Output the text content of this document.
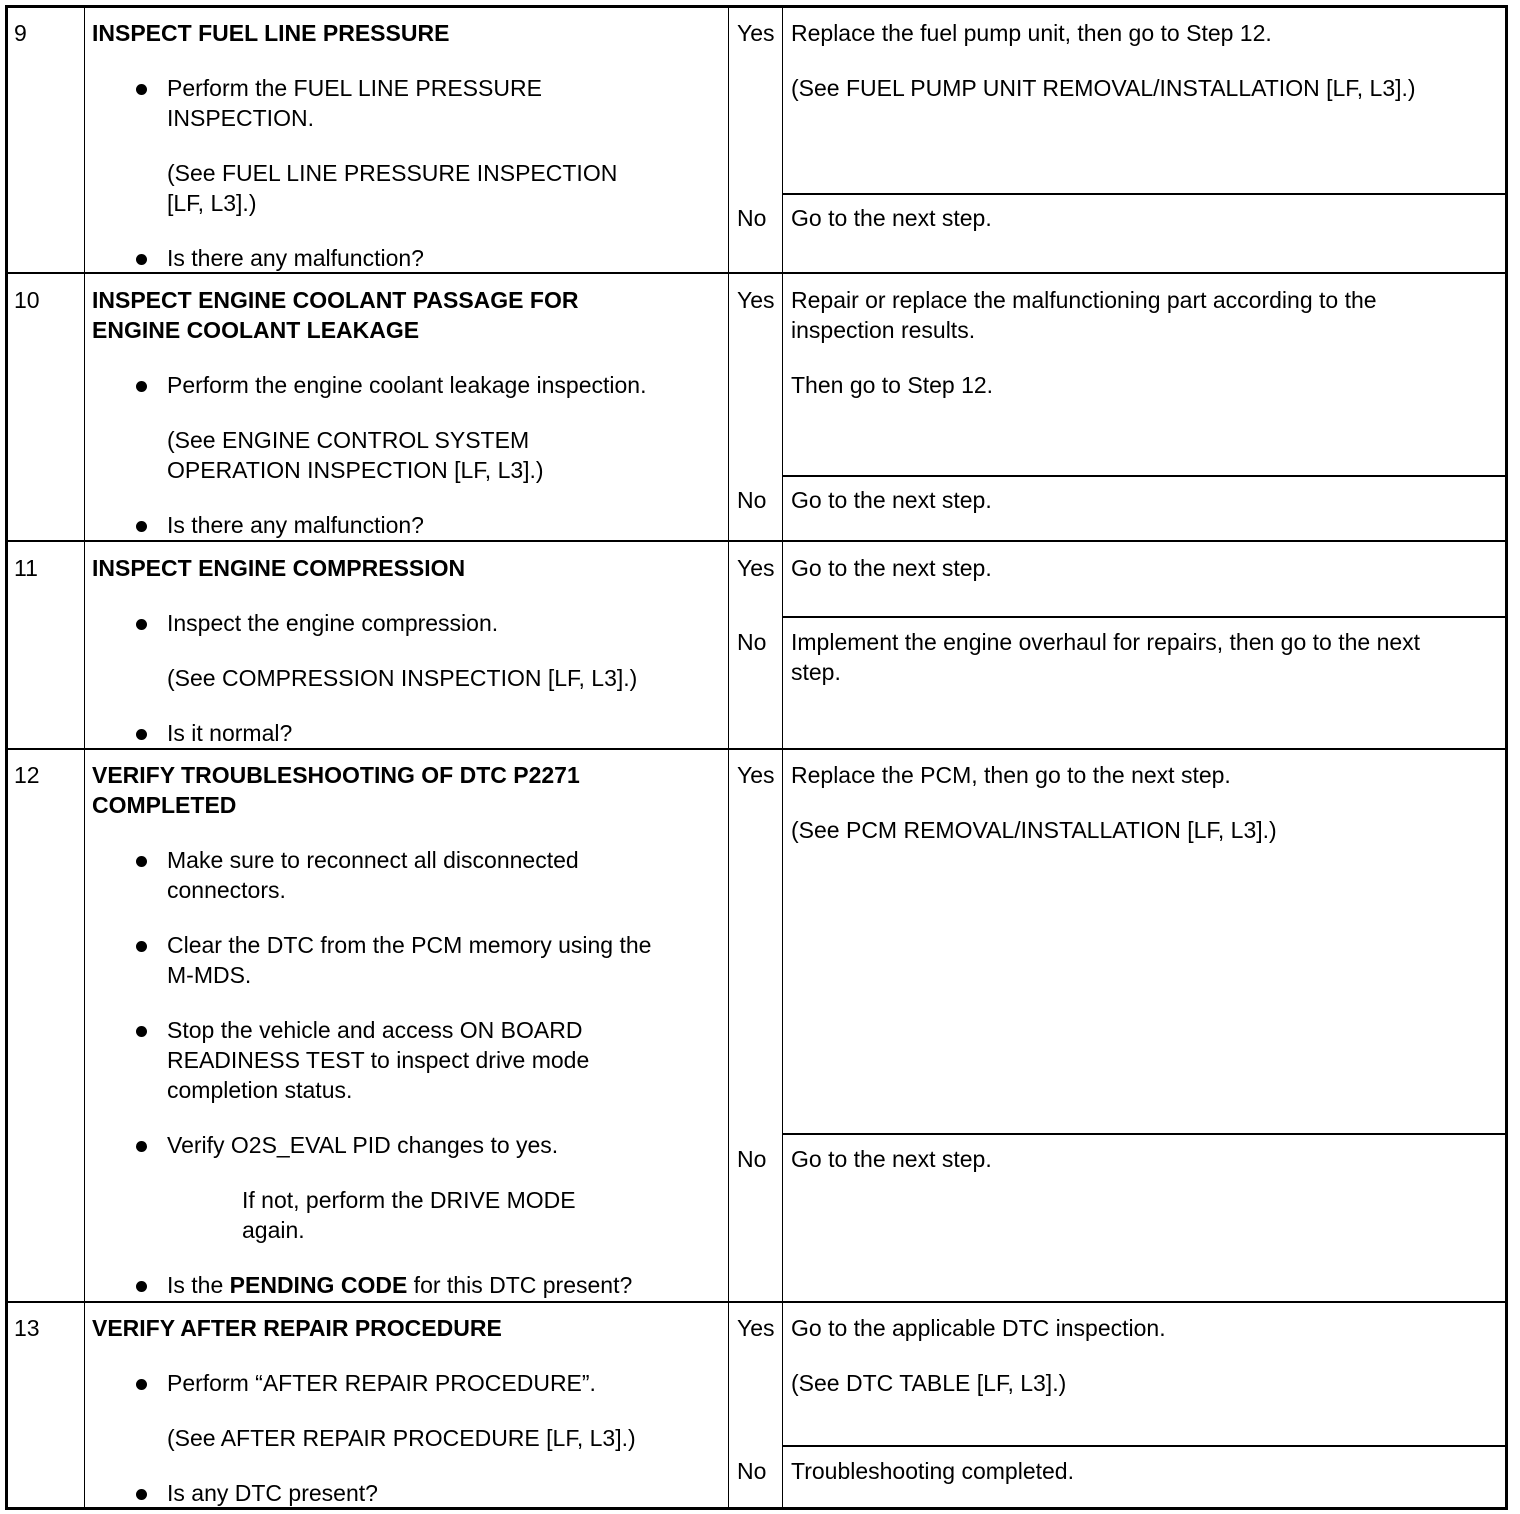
9	INSPECT FUEL LINE PRESSURE

Perform the FUEL LINE PRESSURE
INSPECTION.

(See FUEL LINE PRESSURE INSPECTION
[LF, L3].)

Is there any malfunction?

Yes Replace the fuel pump unit, then go to Step 12.

(See FUEL PUMP UNIT REMOVAL/INSTALLATION [LF, L3].)

No	Go to the next step.

10 INSPECT ENGINE COOLANT PASSAGE FOR
ENGINE COOLANT LEAKAGE

Perform the engine coolant leakage inspection.

(See ENGINE CONTROL SYSTEM
OPERATION INSPECTION [LF, L3].)

Is there any malfunction?

Yes Repair or replace the malfunctioning part according to the
inspection results.

Then go to Step 12.

No	Go to the next step.

11 INSPECT ENGINE COMPRESSION

Inspect the engine compression.

(See COMPRESSION INSPECTION [LF, L3].)

Is it normal?

Yes Go to the next step.

No	Implement the engine overhaul for repairs, then go to the next
step.

12 VERIFY TROUBLESHOOTING OF DTC P2271
COMPLETED

Make sure to reconnect all disconnected
connectors.

Clear the DTC from the PCM memory using the
M-MDS.

Stop the vehicle and access ON BOARD
READINESS TEST to inspect drive mode
completion status.

Verify O2S_EVAL PID changes to yes.

If not, perform the DRIVE MODE
again.

Is the PENDING CODE for this DTC present?

Yes Replace the PCM, then go to the next step.

(See PCM REMOVAL/INSTALLATION [LF, L3].)

No	Go to the next step.

13 VERIFY AFTER REPAIR PROCEDURE

Perform “AFTER REPAIR PROCEDURE”.

(See AFTER REPAIR PROCEDURE [LF, L3].)

Is any DTC present?

Yes Go to the applicable DTC inspection.

(See DTC TABLE [LF, L3].)

No	Troubleshooting completed.
